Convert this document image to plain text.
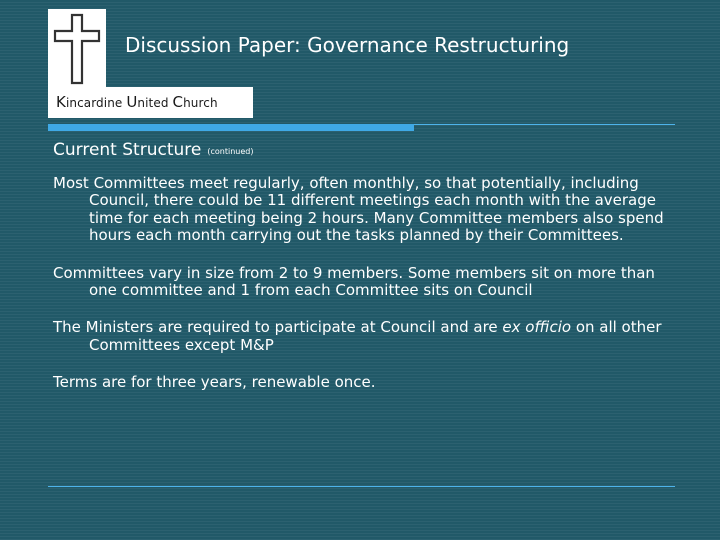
Kincardine United Church
Discussion Paper: Governance Restructuring
Current Structure (continued)

Most Committees meet regularly, often monthly, so that potentially, including Council, there could be 11 different meetings each month with the average time for each meeting being 2 hours. Many Committee members also spend hours each month carrying out the tasks planned by their Committees.

Committees vary in size from 2 to 9 members. Some members sit on more than one committee and 1 from each Committee sits on Council

The Ministers are required to participate at Council and are ex officio on all other Committees except M&P

Terms are for three years, renewable once.
